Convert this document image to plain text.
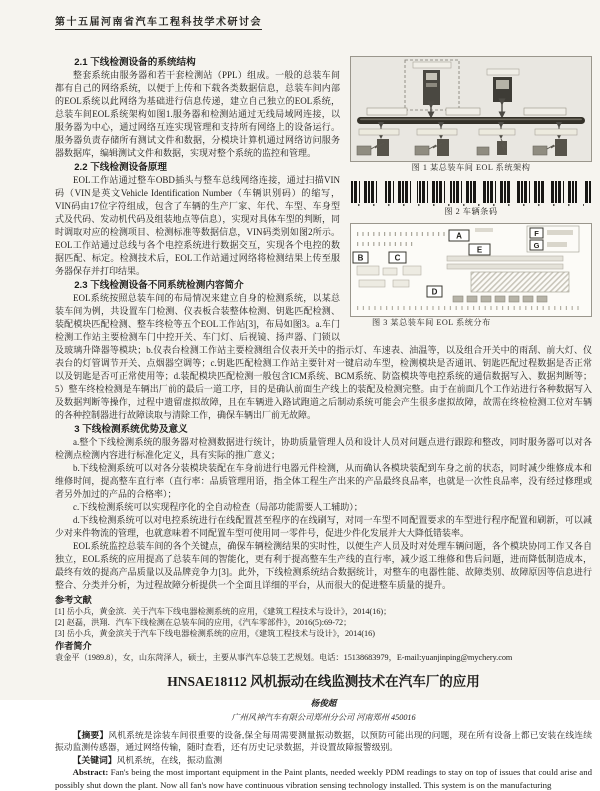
第十五届河南省汽车工程科技学术研讨会
图 1 某总装车间 EOL 系统架构
图 2 车辆条码
A
B	C
D
E
F
G
图 3 某总装车间 EOL 系统分布
2.1 下线检测设备的系统结构

整套系统由服务器和若干套检测站（PPL）组成。一般的总装车间都有自己的网络系统，以便于上传和下载各类数据信息，总装车间内部的EOL系统以此网络为基础进行信息传递，建立自己独立的EOL系统，总装车间EOL系统架构如图1.服务器和检测站通过无线局域网连接，以服务器为中心，通过网络互连实现管理和支持所有网络上的设备运行。服务器负责存储所有测试文件和数据，分模块计算机通过网络访问服务器数据库，编辑测试文件和数据，实现对整个系统的监控和管理。

2.2 下线检测设备原理

EOL工作站通过整车OBD插头与整车总线网络连接，通过扫描VIN码（VIN是英文Vehicle Identification Number（车辆识别码）的缩写，VIN码由17位字符组成，包含了车辆的生产厂家、年代、车型、车身型式及代码、发动机代码及组装地点等信息），实现对具体车型的判断，同时调取对应的检测项目、检测标准等数据信息，VIN码类别如图2所示。EOL工作站通过总线与各个电控系统进行数据交互，实现各个电控的数据匹配、标定。检测技术后，EOL工作站通过网络将检测结果上传至服务器保存并打印结果。

2.3 下线检测设备不同系统检测内容简介

EOL系统按照总装车间的布局情况来建立自身的检测系统，以某总装车间为例，共设置车门检测、仪表板合装整体检测、钥匙匹配检测、装配模块匹配检测、整车终检等五个EOL工作站[3]，布局如图3。a.车门检测工作站主要检测车门中控开关、车门灯、后视镜、扬声器、门锁以及玻璃升降器等模块；b.仪表台检测工作站主要检测组合仪表开关中的指示灯、车速表、油温等，以及组合开关中的雨刮、前大灯、仪表台的灯管调节开关、点烟器空调等；c.钥匙匹配检测工作站主要针对一键启动车型，检测模块是否通讯、钥匙匹配过程数据是否正常以及钥匙是否可正常使用等；d.装配模块匹配检测一般包含ICM系统、BCM系统、防盗模块等电控系统的通信数据写入、数据判断等；5）整车终检检测是车辆出厂前的最后一道工序，目的是确认前面生产线上的装配及检测完整。由于在前面几个工作站进行各种数据写入及数据判断等操作，过程中遗留虚拟故障，且在车辆进入路试跑道之后制动系统可能会产生很多虚拟故障，故需在终检检测工位对车辆的各种控制器进行故障读取与清除工作，确保车辆出厂前无故障。

3 下线检测系统优势及意义

a.整个下线检测系统的服务器对检测数据进行统计，协助质量管理人员和设计人员对问题点进行跟踪和整改，同时服务器可以对各检测点检测内容进行标准化定义，具有实际的推广意义；

b.下线检测系统可以对各分装模块装配在车身前进行电器元件检测，从而确认各模块装配到车身之前的状态，同时减少维修成本和维修时间，提高整车直行率（直行率：品质管理用语，指全体工程生产出来的产品最终良品率，也就是一次性良品率，没有经过修理或者另外加过的产品的合格率）；

c.下线检测系统可以实现程序化的全自动检查（局部功能需要人工辅助）；

d.下线检测系统可以对电控系统进行在线配置甚至程序的在线刷写，对同一车型不同配置要求的车型进行程序配置和刷新，可以减少对来件物流的管理，也就意味着不同配置车型可使用同一零件号，促进少件化发展并大大降低错装率。

EOL系统监控总装车间的各个关键点，确保车辆检测结果的实时性，以便生产人员及时对处理车辆问题，各个模块协同工作又各自独立，EOL系统的应用提高了总装车间的智能化，更有利于提高整车生产线的直行率，减少返工维修和售后问题，进而降低制造成本，最终有效的提高产品质量以及品牌竞争力[3]。此外，下线检测系统结合数据统计，对整车的电器性能、故障类别、故障原因等信息进行整合、分类并分析，为过程故障分析提供一个全面且详细的平台，从而很大的促进整车质量的提升。

参考文献
[1] 岳小兵，黄金滨．关于汽车下线电器检测系统的应用，《建筑工程技术与设计》，2014(16)；
[2] 赵磊，洪翔．汽车下线检测在总装车间的应用，《汽车零部件》，2016(5):69-72；
[3] 岳小兵，黄金滨关于汽车下线电器检测系统的应用，《建筑工程技术与设计》，2014(16)
作者简介
袁金平（1989.8），女，山东菏泽人，硕士，主要从事汽车总装工艺规划。电话：15138683979，E-mail:yuanjinping@mychery.com
HNSAE18112 风机振动在线监测技术在汽车厂的应用
杨俊超
广州风神汽车有限公司郑州分公司 河南郑州 450016

【摘要】风机系统是涂装车间很重要的设备,保全每周需要测量振动数据，以预防可能出现的问题，现在所有设备上都已安装在线连续振动监测传感器，通过网络传输，随时查看，还有历史记录数据，并设置故障报警级别。

【关键词】风机系统，在线，振动监测

Abstract: Fan's being the most important equipment in the Paint plants, needed weekly PDM readings to stay on top of issues that could arise and possibly shut down the plant. Now all fan's now have continuous vibration sensing technology installed. This system is on the manufacturing
